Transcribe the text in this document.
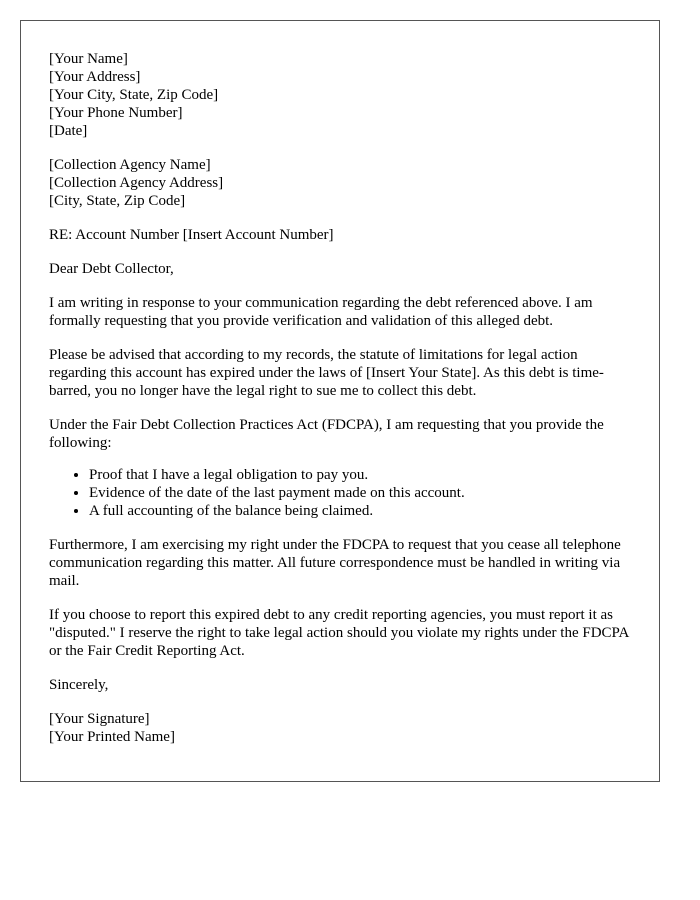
[Your Name]
[Your Address]
[Your City, State, Zip Code]
[Your Phone Number]
[Date]
[Collection Agency Name]
[Collection Agency Address]
[City, State, Zip Code]

RE: Account Number [Insert Account Number]

Dear Debt Collector,

I am writing in response to your communication regarding the debt referenced above. I am formally requesting that you provide verification and validation of this alleged debt.

Please be advised that according to my records, the statute of limitations for legal action regarding this account has expired under the laws of [Insert Your State]. As this debt is time-barred, you no longer have the legal right to sue me to collect this debt.

Under the Fair Debt Collection Practices Act (FDCPA), I am requesting that you provide the following:

• Proof that I have a legal obligation to pay you.
• Evidence of the date of the last payment made on this account.
• A full accounting of the balance being claimed.

Furthermore, I am exercising my right under the FDCPA to request that you cease all telephone communication regarding this matter. All future correspondence must be handled in writing via mail.

If you choose to report this expired debt to any credit reporting agencies, you must report it as "disputed." I reserve the right to take legal action should you violate my rights under the FDCPA or the Fair Credit Reporting Act.

Sincerely,

[Your Signature]
[Your Printed Name]
